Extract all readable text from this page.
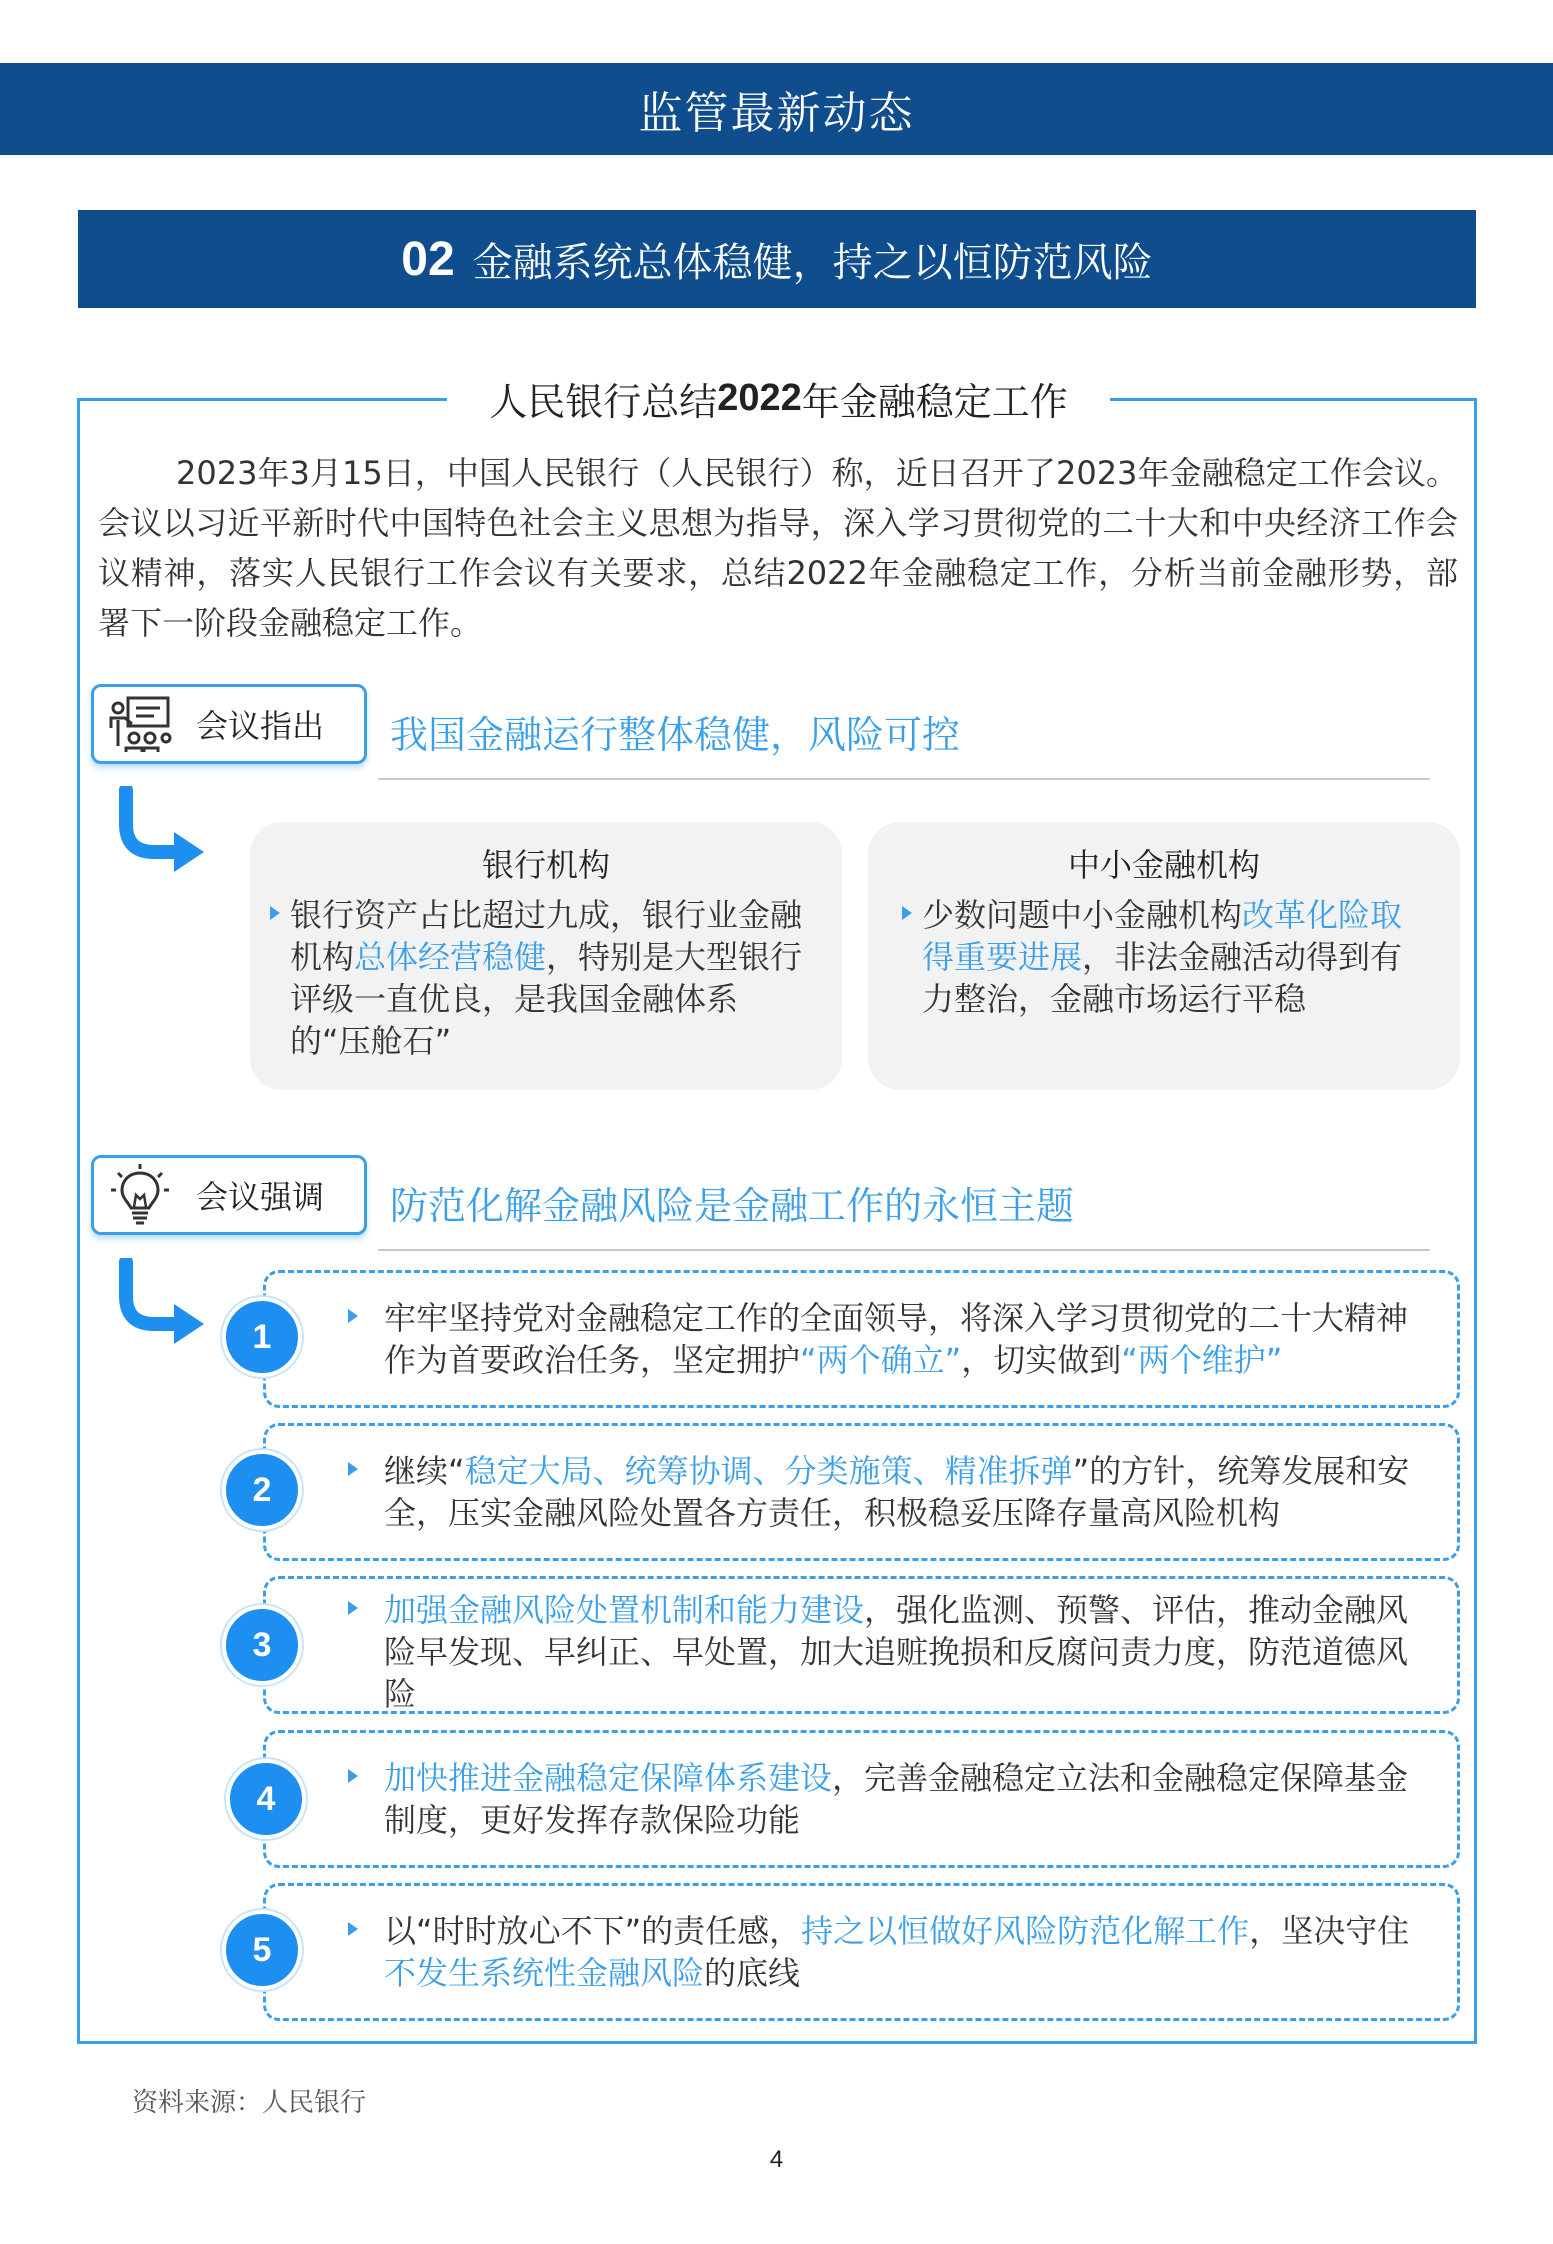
监管最新动态
02 金融系统总体稳健，持之以恒防范风险
人民银行总结 2022 年金融稳定工作

2023年3月15日，中国人民银行（人民银行）称，近日召开了2023年金融稳定工作会议。会议以习近平新时代中国特色社会主义思想为指导，深入学习贯彻党的二十大和中央经济工作会议精神，落实人民银行工作会议有关要求，总结2022年金融稳定工作，分析当前金融形势，部署下一阶段金融稳定工作。

会议指出 我国金融运行整体稳健，风险可控
银行机构
银行资产占比超过九成，银行业金融机构总体经营稳健，特别是大型银行评级一直优良，是我国金融体系的“压舱石”
中小金融机构
少数问题中小金融机构改革化险取得重要进展，非法金融活动得到有力整治，金融市场运行平稳
会议强调 防范化解金融风险是金融工作的永恒主题
牢牢坚持党对金融稳定工作的全面领导，将深入学习贯彻党的二十大精神作为首要政治任务，坚定拥护“两个确立”，切实做到“两个维护”
1
继续“稳定大局、统筹协调、分类施策、精准拆弹”的方针，统筹发展和安全，压实金融风险处置各方责任，积极稳妥压降存量高风险机构
2
加强金融风险处置机制和能力建设，强化监测、预警、评估，推动金融风险早发现、早纠正、早处置，加大追赃挽损和反腐问责力度，防范道德风险
3
加快推进金融稳定保障体系建设，完善金融稳定立法和金融稳定保障基金制度，更好发挥存款保险功能
4
以“时时放心不下”的责任感，持之以恒做好风险防范化解工作，坚决守住不发生系统性金融风险的底线
5
资料来源：人民银行
4
